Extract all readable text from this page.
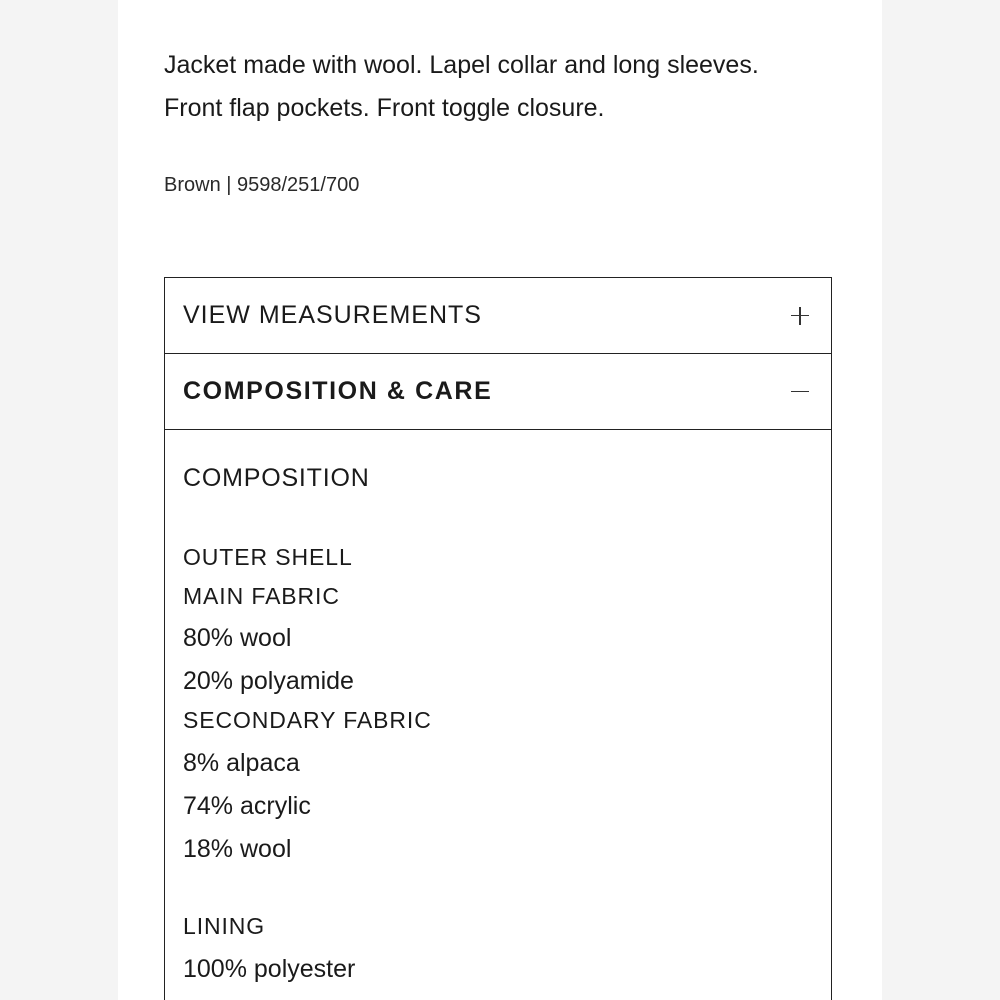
Jacket made with wool. Lapel collar and long sleeves.
Front flap pockets. Front toggle closure.

Brown | 9598/251/700
VIEW MEASUREMENTS
COMPOSITION & CARE
COMPOSITION
OUTER SHELL
MAIN FABRIC
80% wool
20% polyamide
SECONDARY FABRIC
8% alpaca
74% acrylic
18% wool
LINING
100% polyester
